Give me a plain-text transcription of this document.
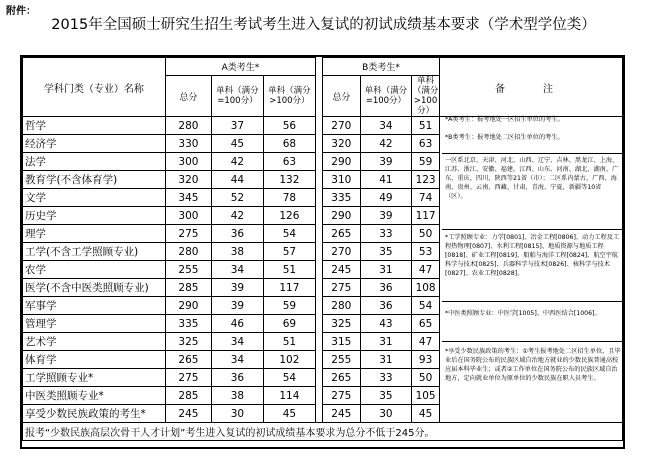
附件：
2015年全国硕士研究生招生考试考生进入复试的初试成绩基本要求（学术型学位类）
学科门类（专业）名称	A类考生*				B类考生*			备　注
	总分	单科（满分=100分）	单科（满分>100分）		总分	单科（满分=100分）	单科（满分>100分）	
哲学	280	37	56		270	34	51	
经济学	330	45	68		320	42	63	
法学	300	42	63		290	39	59	
教育学(不含体育学)	320	44	132		310	41	123	
文学	345	52	78		335	49	74	
历史学	300	42	126		290	39	117	
理学	275	36	54		265	33	50	
工学(不含工学照顾专业)	280	38	57		270	35	53	
农学	255	34	51		245	31	47	
医学(不含中医类照顾专业)	285	39	117		275	36	108	
军事学	290	39	59		280	36	54	
管理学	335	46	69		325	43	65	
艺术学	325	34	51		315	31	47	
体育学	265	34	102		255	31	93	
工学照顾专业*	275	36	54		265	33	50	
中医类照顾专业*	285	38	114		275	35	105	
享受少数民族政策的考生*	245	30	45		245	30	45	
报考“少数民族高层次骨干人才计划”考生进入复试的初试成绩基本要求为总分不低于245分。								
*A类考生：报考地处一区招生单位的考生。
*B类考生：报考地处二区招生单位的考生。
一区系北京、天津、河北、山西、辽宁、吉林、黑龙江、上海、江苏、浙江、安徽、福建、江西、山东、河南、湖北、湖南、广东、重庆、四川、陕西等21省（市）；二区系内蒙古、广西、海南、贵州、云南、西藏、甘肃、青海、宁夏、新疆等10省（区）。
*工学照顾专业：力学[0801]、冶金工程[0806]、动力工程及工程热物理[0807]、水利工程[0815]、地质资源与地质工程[0818]、矿业工程[0819]、船舶与海洋工程[0824]、航空宇航科学与技术[0825]、兵器科学与技术[0826]、核科学与技术[0827]、农业工程[0828]。
*中医类照顾专业：中医学[1005]、中西医结合[1006]。
*享受少数民族政策的考生：①考生报考地处二区招生单位，且毕业后在国务院公布的民族区域自治地方就业的少数民族普通高校应届本科毕业生；或者②工作单位在国务院公布的民族区域自治地方，定向就业单位为原单位的少数民族在职人员考生。
